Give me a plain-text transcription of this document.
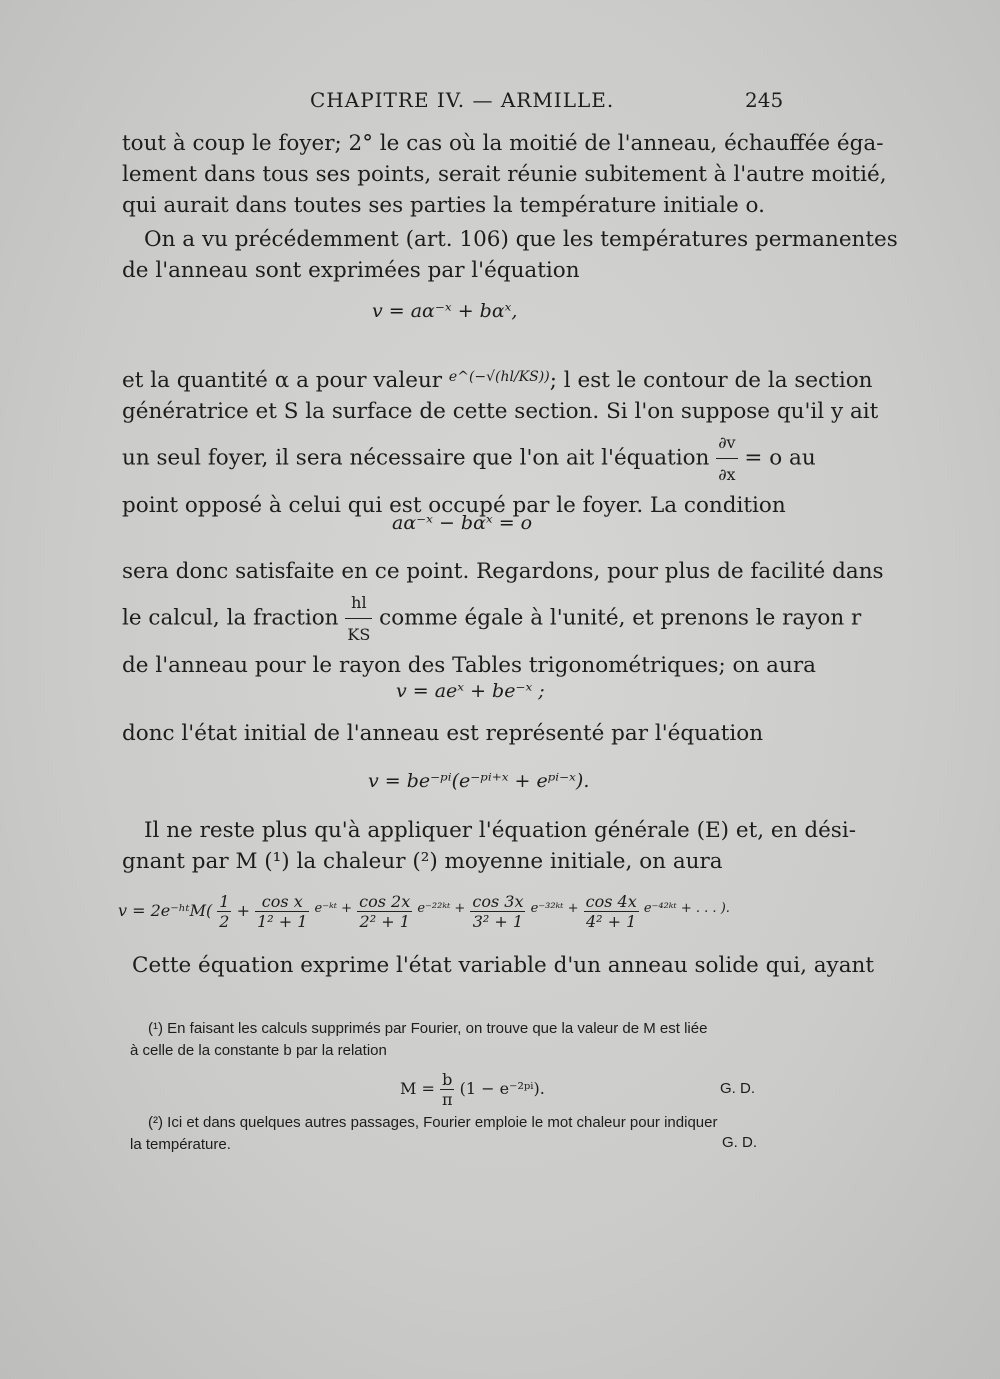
CHAPITRE IV. — ARMILLE.	245
tout à coup le foyer; 2° le cas où la moitié de l'anneau, échauffée éga-
lement dans tous ses points, serait réunie subitement à l'autre moitié,
qui aurait dans toutes ses parties la température initiale o.
On a vu précédemment (art. 106) que les températures permanentes
de l'anneau sont exprimées par l'équation
v = aα⁻ˣ + bαˣ,
et la quantité α a pour valeur $^{e\^{}(-√(hl/KS))}$; l est le contour de la section
génératrice et S la surface de cette section. Si l'on suppose qu'il y ait
un seul foyer, il sera nécessaire que l'on ait l'équation $\frac{\partial v}{\partial x} = o$ au
point opposé à celui qui est occupé par le foyer. La condition
aα⁻ˣ − bαˣ = o
sera donc satisfaite en ce point. Regardons, pour plus de facilité dans
le calcul, la fraction $\frac{hl}{KS}$ comme égale à l'unité, et prenons le rayon r
de l'anneau pour le rayon des Tables trigonométriques; on aura
v = aeˣ + be⁻ˣ ;
donc l'état initial de l'anneau est représenté par l'équation
v = be⁻ᵖⁱ(e⁻ᵖⁱ⁺ˣ + eᵖⁱ⁻ˣ).
Il ne reste plus qu'à appliquer l'équation générale (E) et, en dési-
gnant par M (¹) la chaleur (²) moyenne initiale, on aura
v = 2e⁻ʰᵗM( $\frac{1}{2} + \frac{\text{cos x}}{\text{1² + 1}} ^{e^-ᵏᵗ +} \frac{\cos 2x}{\text{2² + 1}} ^{e^{-22}ᵏᵗ +} \frac{\cos 3x}{\text{3² + 1}} ^{e^{-32}ᵏᵗ +} \frac{\cos 4x}{\text{4² + 1}} ^{e^{-42}ᵏᵗ + . . . ).}$
Cette équation exprime l'état variable d'un anneau solide qui, ayant
(¹) En faisant les calculs supprimés par Fourier, on trouve que la valeur de M est liée
à celle de la constante b par la relation
$M = \frac{b}{\pi} (1$ − e⁻²ᵖⁱ).	G. D.
(²) Ici et dans quelques autres passages, Fourier emploie le mot chaleur pour indiquer
la température.	G. D.
